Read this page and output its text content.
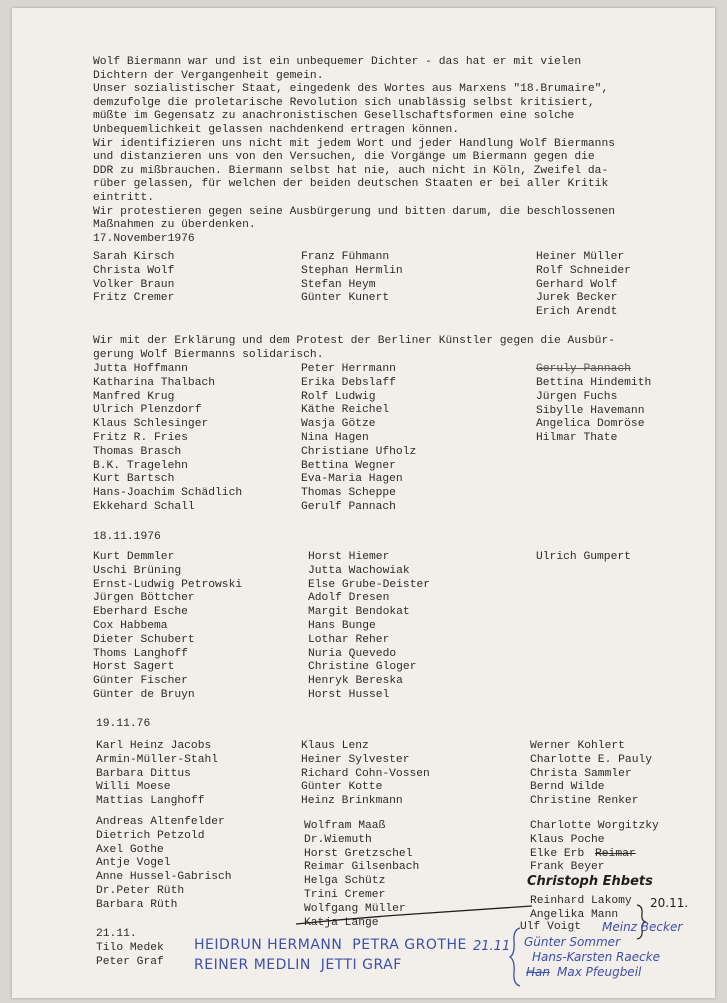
Wolf Biermann war und ist ein unbequemer Dichter - das hat er mit vielen
Dichtern der Vergangenheit gemein.
Unser sozialistischer Staat, eingedenk des Wortes aus Marxens "18.Brumaire",
demzufolge die proletarische Revolution sich unablässig selbst kritisiert,
müßte im Gegensatz zu anachronistischen Gesellschaftsformen eine solche
Unbequemlichkeit gelassen nachdenkend ertragen können.
Wir identifizieren uns nicht mit jedem Wort und jeder Handlung Wolf Biermanns
und distanzieren uns von den Versuchen, die Vorgänge um Biermann gegen die
DDR zu mißbrauchen. Biermann selbst hat nie, auch nicht in Köln, Zweifel da-
rüber gelassen, für welchen der beiden deutschen Staaten er bei aller Kritik
eintritt.
Wir protestieren gegen seine Ausbürgerung und bitten darum, die beschlossenen
Maßnahmen zu überdenken.
17.November1976
Sarah Kirsch
Christa Wolf
Volker Braun
Fritz Cremer
Franz Fühmann
Stephan Hermlin
Stefan Heym
Günter Kunert
Heiner Müller
Rolf Schneider
Gerhard Wolf
Jurek Becker
Erich Arendt
Wir mit der Erklärung und dem Protest der Berliner Künstler gegen die Ausbür-
gerung Wolf Biermanns solidarisch.
Jutta Hoffmann
Katharina Thalbach
Manfred Krug
Ulrich Plenzdorf
Klaus Schlesinger
Fritz R. Fries
Thomas Brasch
B.K. Tragelehn
Kurt Bartsch
Hans-Joachim Schädlich
Ekkehard Schall
Peter Herrmann
Erika Debslaff
Rolf Ludwig
Käthe Reichel
Wasja Götze
Nina Hagen
Christiane Ufholz
Bettina Wegner
Eva-Maria Hagen
Thomas Scheppe
Gerulf Pannach
Geruly Pannach
Bettina Hindemith
Jürgen Fuchs
Sibylle Havemann
Angelica Domröse
Hilmar Thate
18.11.1976
Kurt Demmler
Uschi Brüning
Ernst-Ludwig Petrowski
Jürgen Böttcher
Eberhard Esche
Cox Habbema
Dieter Schubert
Thoms Langhoff
Horst Sagert
Günter Fischer
Günter de Bruyn
Horst Hiemer
Jutta Wachowiak
Else Grube-Deister
Adolf Dresen
Margit Bendokat
Hans Bunge
Lothar Reher
Nuria Quevedo
Christine Gloger
Henryk Bereska
Horst Hussel
Ulrich Gumpert
19.11.76
Karl Heinz Jacobs
Armin-Müller-Stahl
Barbara Dittus
Willi Moese
Mattias Langhoff
Klaus Lenz
Heiner Sylvester
Richard Cohn-Vossen
Günter Kotte
Heinz Brinkmann
Werner Kohlert
Charlotte E. Pauly
Christa Sammler
Bernd Wilde
Christine Renker
Andreas Altenfelder
Dietrich Petzold
Axel Gothe
Antje Vogel
Anne Hussel-Gabrisch
Dr.Peter Rüth
Barbara Rüth
Wolfram Maaß
Dr.Wiemuth
Horst Gretzschel
Reimar Gilsenbach
Helga Schütz
Trini Cremer
Wolfgang Müller
Katja Lange
Charlotte Worgitzky
Klaus Poche
Elke Erb Reimar
Frank Beyer
Christoph Ehbets
Reinhard Lakomy
Angelika Mann
20.11.
21.11.
Tilo Medek
Peter Graf
HEIDRUN HERMANN  PETRA GROTHE
REINER MEDLIN  JETTI GRAF
21.11
Ulf Voigt Meinz Becker
Günter Sommer
Hans-Karsten Raecke
Han Max Pfeugbeil
